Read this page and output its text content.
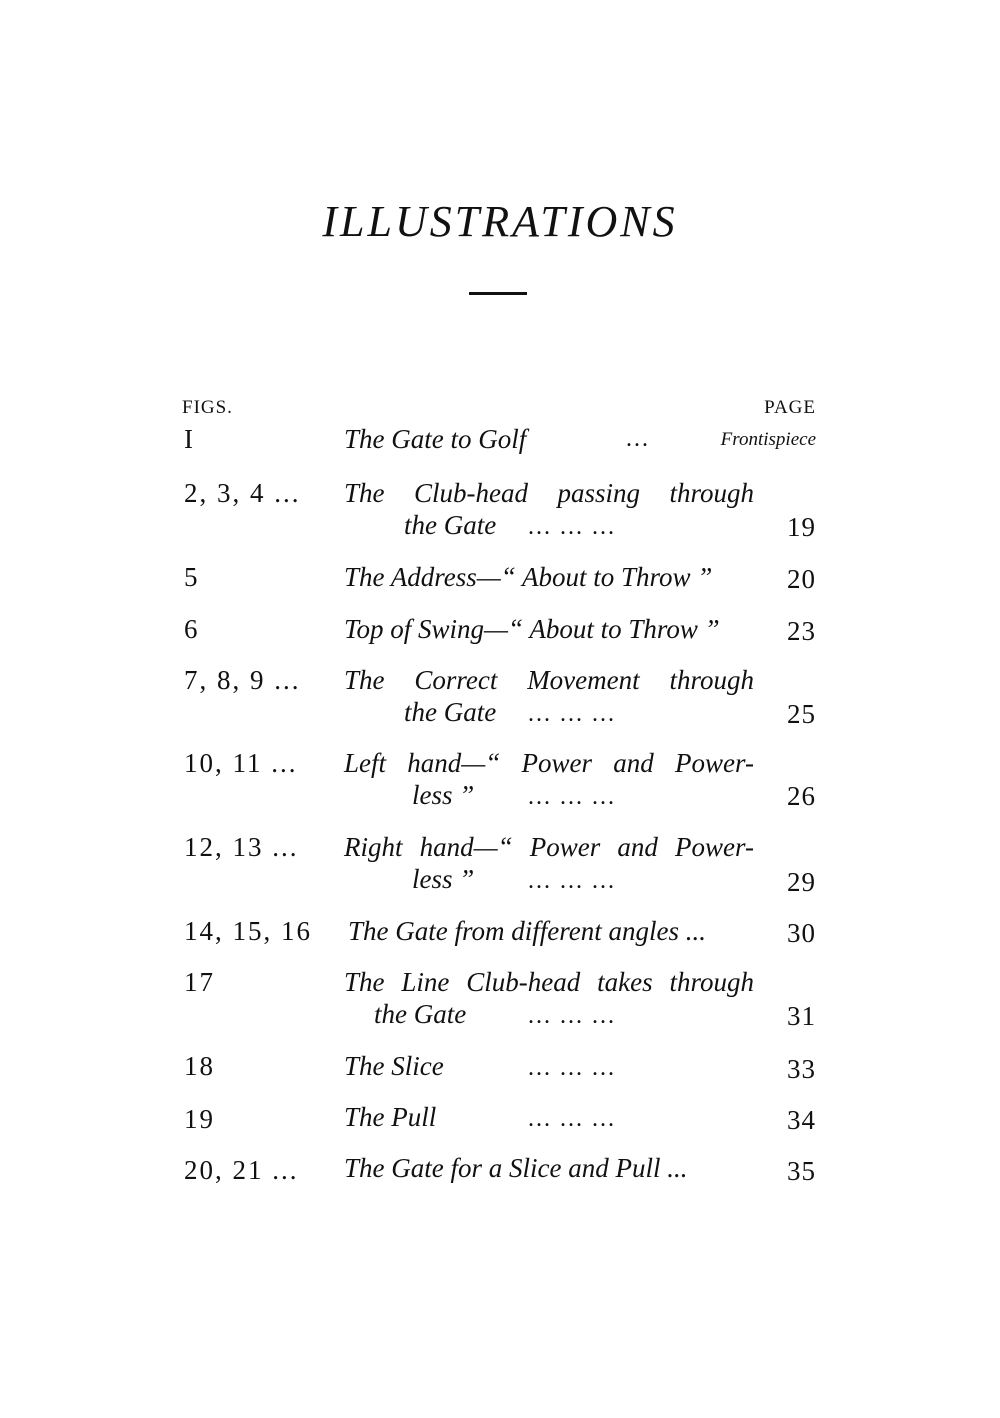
ILLUSTRATIONS
FIGS.	PAGE
I	The Gate to Golf	...	Frontispiece
2, 3, 4 ... The Club-head passing through
the Gate ... ... ...	19
5	The Address—“ About to Throw ”	20
6	Top of Swing—“ About to Throw ” 23
7, 8, 9 ... The Correct Movement through
the Gate ... ... ...	25
10, 11 ... Left hand—“ Power and Power-
less ” ... ... ...	26
12, 13 ... Right hand—“ Power and Power-
less ” ... ... ...	29
14, 15, 16 The Gate from different angles ...	30
17	The Line Club-head takes through
the Gate	... ... ...	31
18	The Slice	... ... ...	33
19	The Pull	... ... ...	34
20, 21 ... The Gate for a Slice and Pull ...	35
